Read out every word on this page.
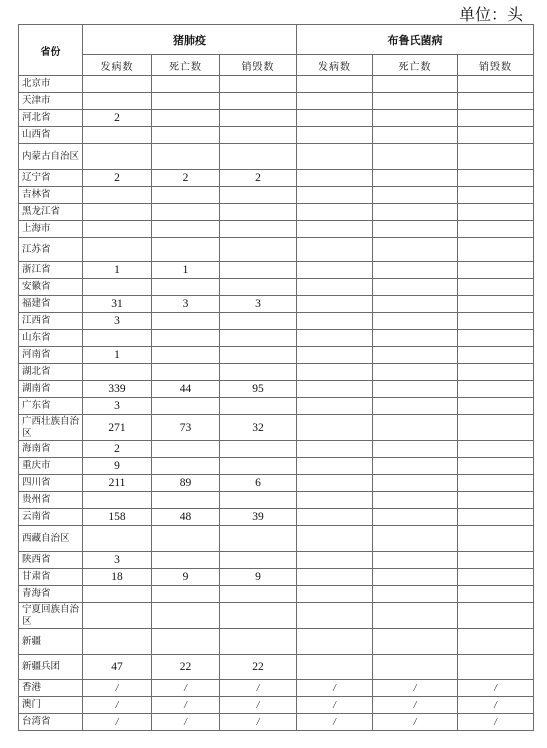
单位：头
省份	猪肺疫			布鲁氏菌病		
	发病数	死亡数	销毁数	发病数	死亡数	销毁数
北京市						
天津市						
河北省	2					
山西省						
内蒙古自治区						
辽宁省	2	2	2			
吉林省						
黑龙江省						
上海市						
江苏省						
浙江省	1	1				
安徽省						
福建省	31	3	3			
江西省	3					
山东省						
河南省	1					
湖北省						
湖南省	339	44	95			
广东省	3					
广西壮族自治区	271	73	32			
海南省	2					
重庆市	9					
四川省	211	89	6			
贵州省						
云南省	158	48	39			
西藏自治区						
陕西省	3					
甘肃省	18	9	9			
青海省						
宁夏回族自治区						
新疆						
新疆兵团	47	22	22			
香港	/	/	/	/	/	/
澳门	/	/	/	/	/	/
台湾省	/	/	/	/	/	/
